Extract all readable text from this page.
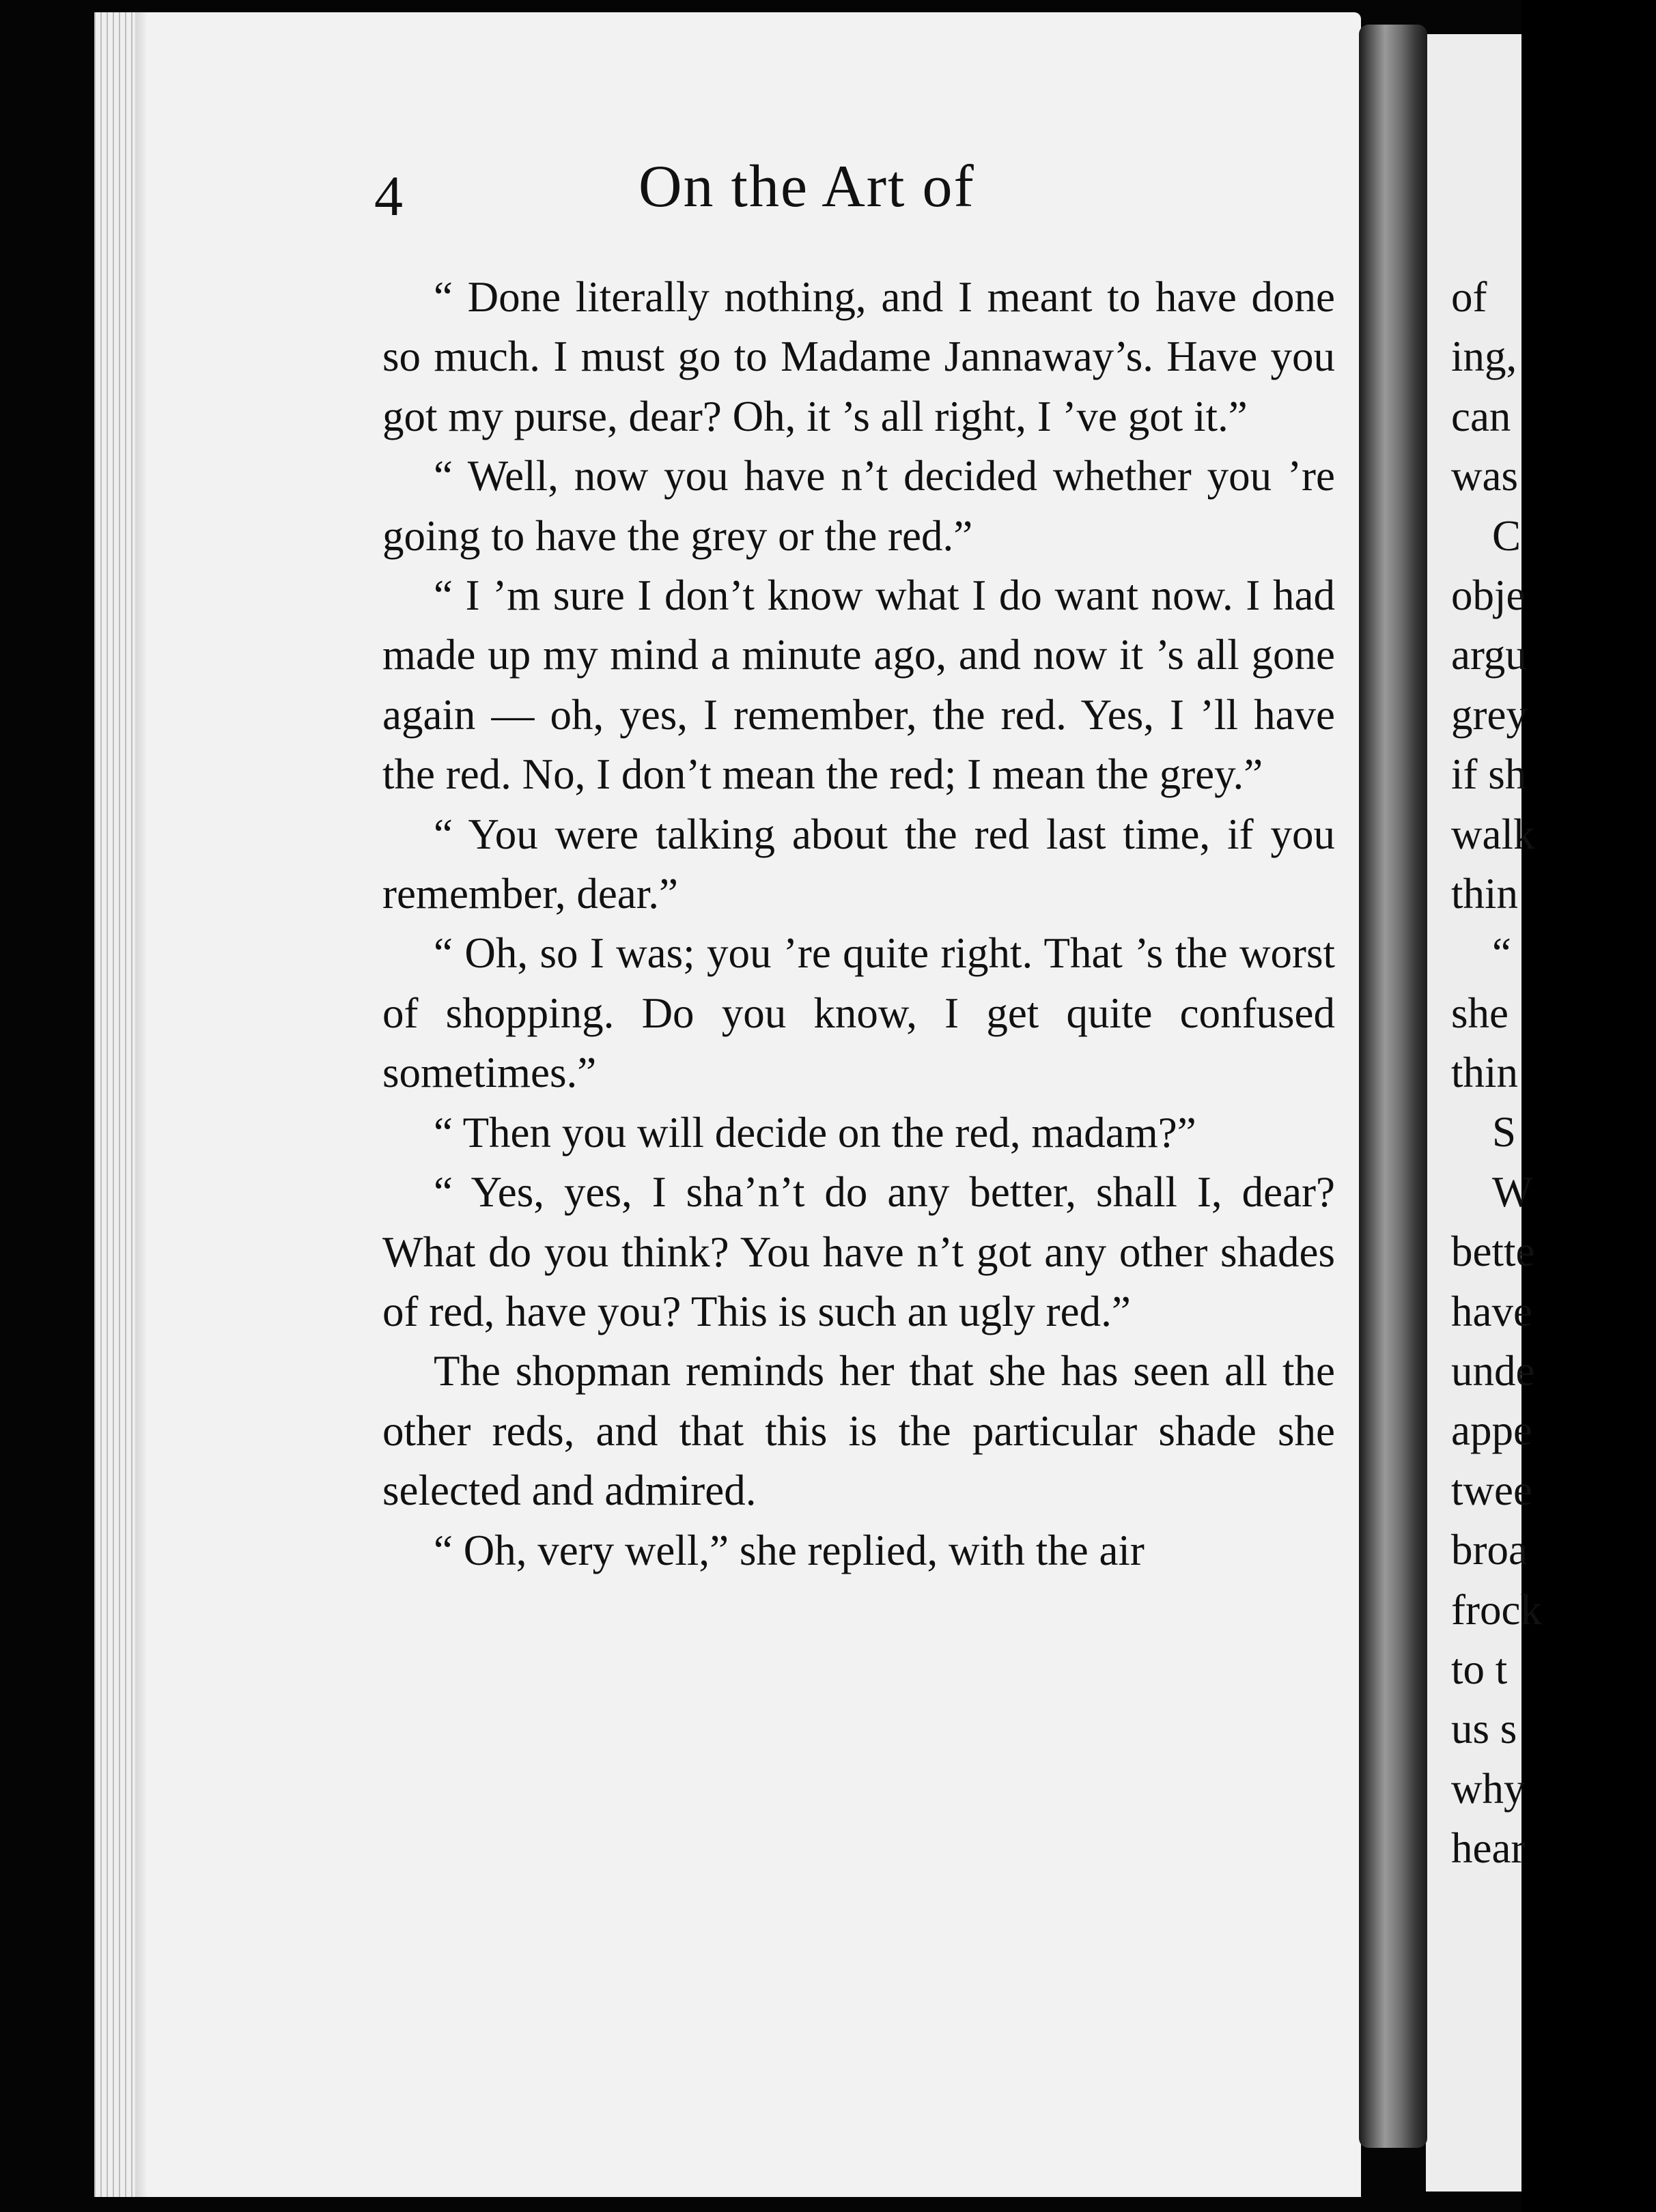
4	On the Art of

“ Done literally nothing, and I meant to have done so much. I must go to Madame Jannaway’s. Have you got my purse, dear? Oh, it ’s all right, I ’ve got it.”

“ Well, now you have n’t decided whether you ’re going to have the grey or the red.”

“ I ’m sure I don’t know what I do want now. I had made up my mind a minute ago, and now it ’s all gone again — oh, yes, I remember, the red. Yes, I ’ll have the red. No, I don’t mean the red; I mean the grey.”

“ You were talking about the red last time, if you remember, dear.”

“ Oh, so I was; you ’re quite right. That ’s the worst of shopping. Do you know, I get quite confused sometimes.”

“ Then you will decide on the red, madam?”

“ Yes, yes, I sha’n’t do any better, shall I, dear? What do you think? You have n’t got any other shades of red, have you? This is such an ugly red.”

The shopman reminds her that she has seen all the other reds, and that this is the particular shade she selected and admired.

“ Oh, very well,” she replied, with the air

of
ing,
can
was
C
obje
argu
grey
if sh
walk
thin
“
she
thin
S
W
bette
have
unde
appe
twee
broa
frock
to t
us s
why
hear
